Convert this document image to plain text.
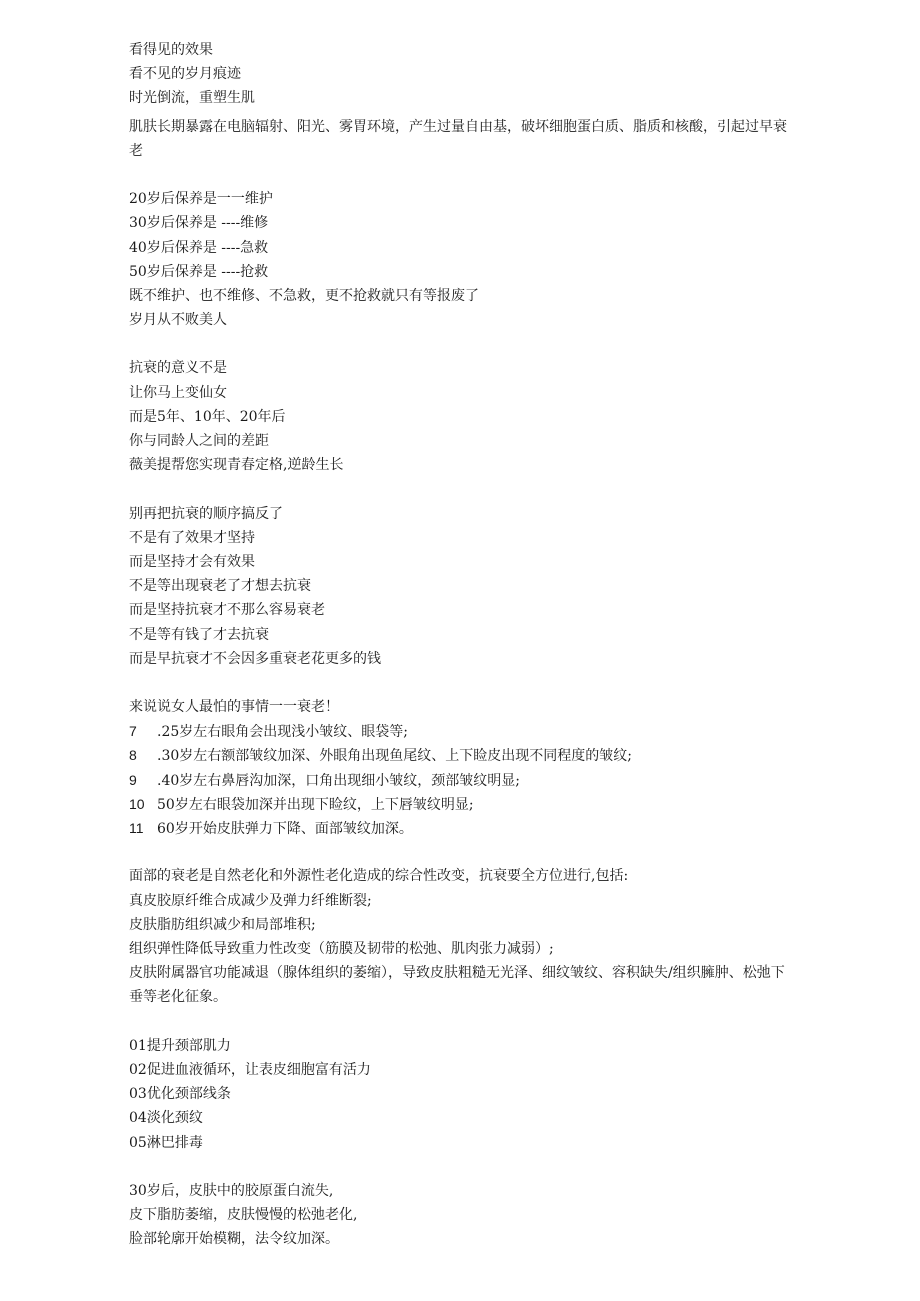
看得见的效果

看不见的岁月痕迹

时光倒流，重塑生肌

肌肤长期暴露在电脑辐射、阳光、雾胃环境，产生过量自由基，破坏细胞蛋白质、脂质和核酸，引起过早衰老

20岁后保养是一一维护

30岁后保养是 ----维修

40岁后保养是 ----急救

50岁后保养是 ----抢救

既不维护、也不维修、不急救，更不抢救就只有等报废了

岁月从不败美人

抗衰的意义不是

让你马上变仙女

而是5年、10年、20年后

你与同龄人之间的差距

薇美提帮您实现青春定格,逆龄生长

别再把抗衰的顺序搞反了

不是有了效果才坚持

而是坚持才会有效果

不是等出现衰老了才想去抗衰

而是坚持抗衰才不那么容易衰老

不是等有钱了才去抗衰

而是早抗衰才不会因多重衰老花更多的钱

来说说女人最怕的事情一一衰老！

7 .25岁左右眼角会出现浅小皱纹、眼袋等;

8 .30岁左右额部皱纹加深、外眼角出现鱼尾纹、上下睑皮出现不同程度的皱纹;

9 .40岁左右鼻唇沟加深，口角出现细小皱纹，颈部皱纹明显;

10 50岁左右眼袋加深并出现下睑纹，上下唇皱纹明显;

11 60岁开始皮肤弹力下降、面部皱纹加深。

面部的衰老是自然老化和外源性老化造成的综合性改变，抗衰要全方位进行,包括:

真皮胶原纤维合成减少及弹力纤维断裂;

皮肤脂肪组织减少和局部堆积;

组织弹性降低导致重力性改变（筋膜及韧带的松弛、肌肉张力减弱）;

皮肤附属器官功能减退（腺体组织的萎缩），导致皮肤粗糙无光泽、细纹皱纹、容积缺失/组织臃肿、松弛下垂等老化征象。

01提升颈部肌力

02促进血液循环，让表皮细胞富有活力

03优化颈部线条

04淡化颈纹

05淋巴排毒

30岁后，皮肤中的胶原蛋白流失,

皮下脂肪萎缩，皮肤慢慢的松弛老化,

脸部轮廓开始模糊，法令纹加深。
